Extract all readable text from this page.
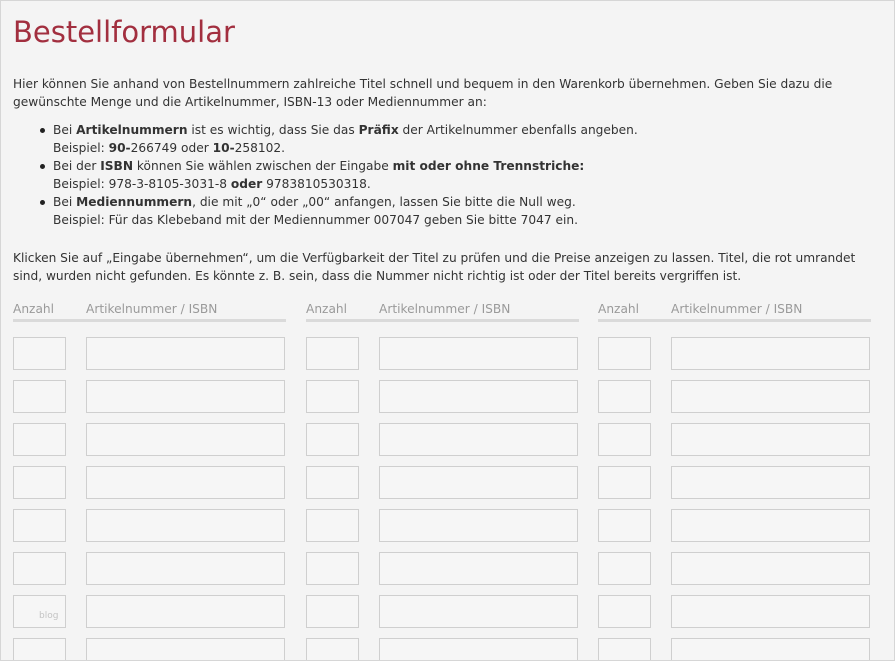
Bestellformular

Hier können Sie anhand von Bestellnummern zahlreiche Titel schnell und bequem in den Warenkorb übernehmen. Geben Sie dazu die gewünschte Menge und die Artikelnummer, ISBN-13 oder Mediennummer an:

Bei Artikelnummern ist es wichtig, dass Sie das Präfix der Artikelnummer ebenfalls angeben.
Beispiel: 90-266749 oder 10-258102.
Bei der ISBN können Sie wählen zwischen der Eingabe mit oder ohne Trennstriche:
Beispiel: 978-3-8105-3031-8 oder 9783810530318.
Bei Mediennummern, die mit „0“ oder „00“ anfangen, lassen Sie bitte die Null weg.
Beispiel: Für das Klebeband mit der Mediennummer 007047 geben Sie bitte 7047 ein.

Klicken Sie auf „Eingabe übernehmen“, um die Verfügbarkeit der Titel zu prüfen und die Preise anzeigen zu lassen. Titel, die rot umrandet sind, wurden nicht gefunden. Es könnte z. B. sein, dass die Nummer nicht richtig ist oder der Titel bereits vergriffen ist.

Anzahl	Artikelnummer / ISBN	Anzahl	Artikelnummer / ISBN	Anzahl	Artikelnummer / ISBN
blog
